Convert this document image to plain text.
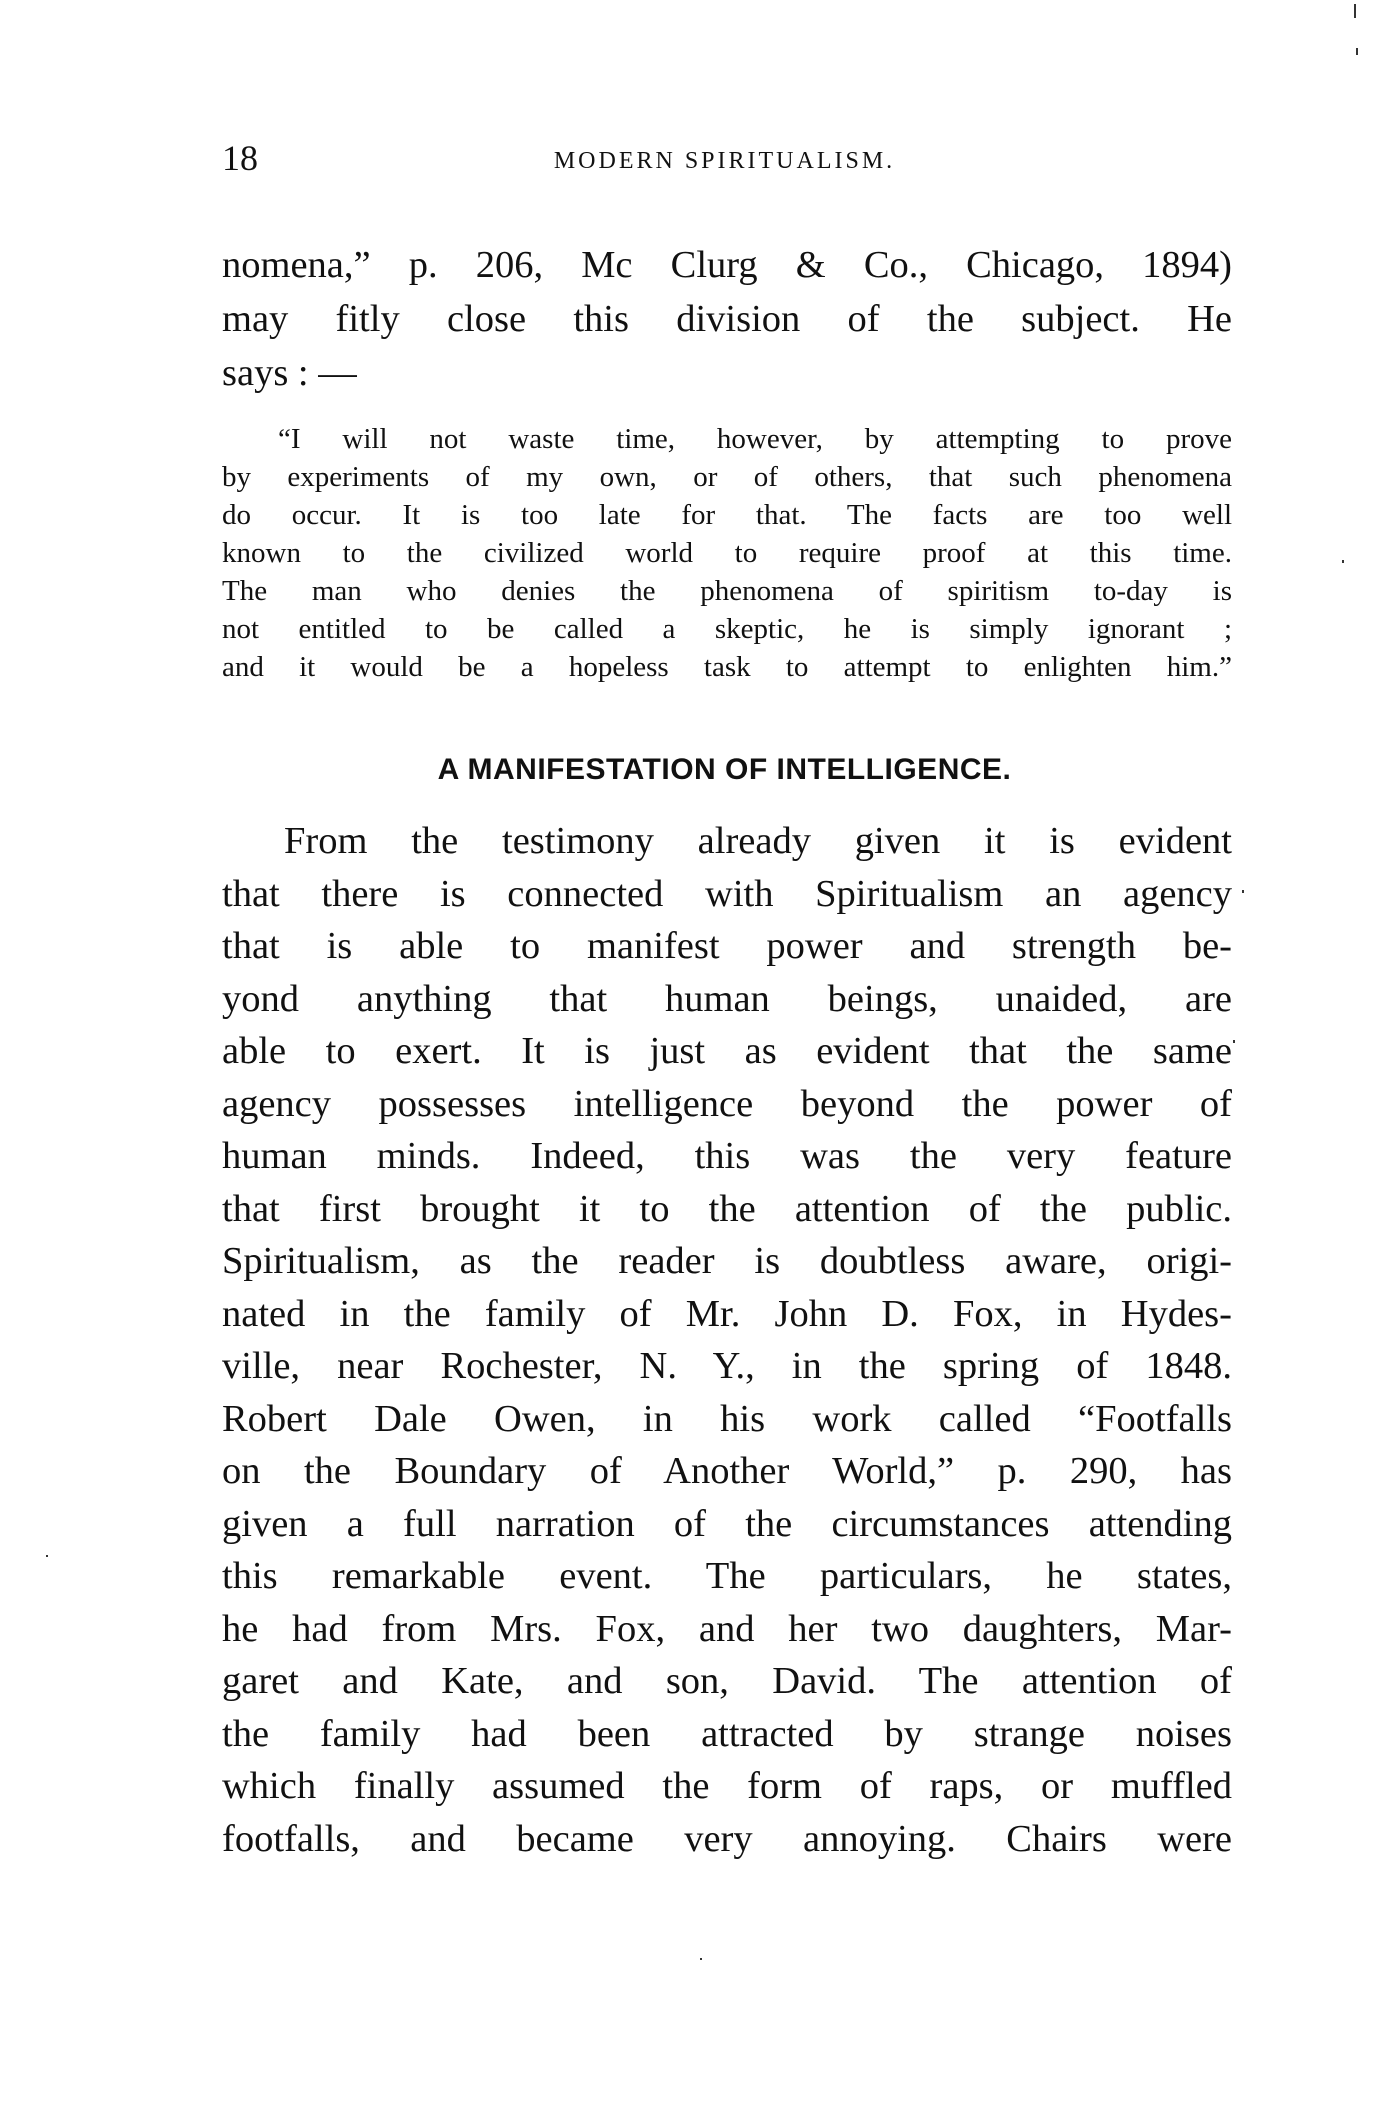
18	MODERN SPIRITUALISM.
nomena,” p. 206, Mc Clurg & Co., Chicago, 1894)
may fitly close this division of the subject. He
says : —
“I will not waste time, however, by attempting to prove
by experiments of my own, or of others, that such phenomena
do occur. It is too late for that. The facts are too well
known to the civilized world to require proof at this time.
The man who denies the phenomena of spiritism to-day is
not entitled to be called a skeptic, he is simply ignorant ;
and it would be a hopeless task to attempt to enlighten him.”
A MANIFESTATION OF INTELLIGENCE.
From the testimony already given it is evident
that there is connected with Spiritualism an agency
that is able to manifest power and strength be-
yond anything that human beings, unaided, are
able to exert. It is just as evident that the same
agency possesses intelligence beyond the power of
human minds. Indeed, this was the very feature
that first brought it to the attention of the public.
Spiritualism, as the reader is doubtless aware, origi-
nated in the family of Mr. John D. Fox, in Hydes-
ville, near Rochester, N. Y., in the spring of 1848.
Robert Dale Owen, in his work called “Footfalls
on the Boundary of Another World,” p. 290, has
given a full narration of the circumstances attending
this remarkable event. The particulars, he states,
he had from Mrs. Fox, and her two daughters, Mar-
garet and Kate, and son, David. The attention of
the family had been attracted by strange noises
which finally assumed the form of raps, or muffled
footfalls, and became very annoying. Chairs were
